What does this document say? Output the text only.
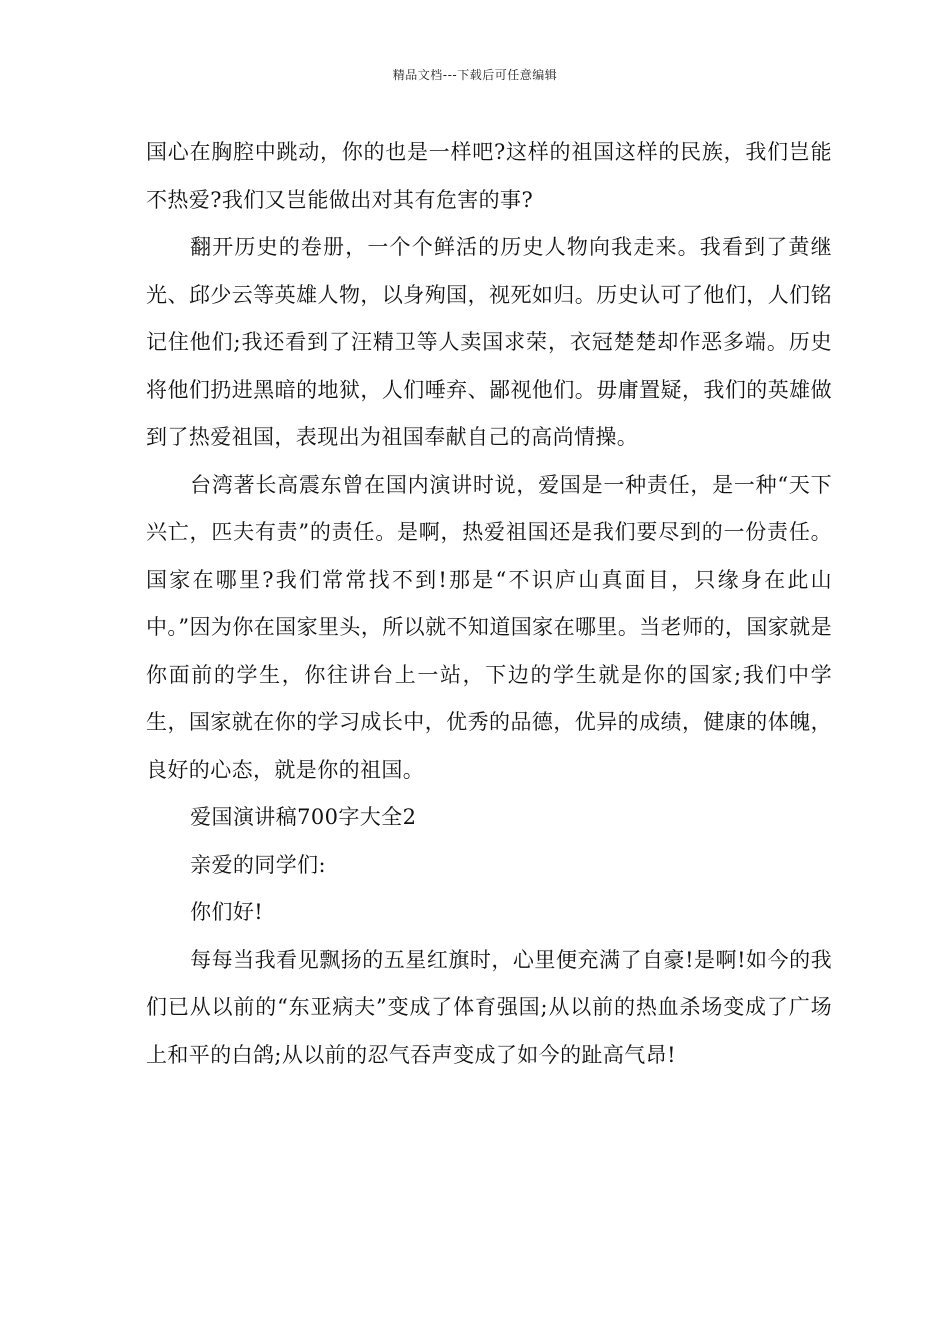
精品文档---下载后可任意编辑

国心在胸腔中跳动，你的也是一样吧?这样的祖国这样的民族，我们岂能不热爱?我们又岂能做出对其有危害的事?

翻开历史的卷册，一个个鲜活的历史人物向我走来。我看到了黄继光、邱少云等英雄人物，以身殉国，视死如归。历史认可了他们，人们铭记住他们;我还看到了汪精卫等人卖国求荣，衣冠楚楚却作恶多端。历史将他们扔进黑暗的地狱，人们唾弃、鄙视他们。毋庸置疑，我们的英雄做到了热爱祖国，表现出为祖国奉献自己的高尚情操。

台湾著长高震东曾在国内演讲时说，爱国是一种责任，是一种“天下兴亡，匹夫有责”的责任。是啊，热爱祖国还是我们要尽到的一份责任。国家在哪里?我们常常找不到!那是“不识庐山真面目，只缘身在此山中。”因为你在国家里头，所以就不知道国家在哪里。当老师的，国家就是你面前的学生，你往讲台上一站，下边的学生就是你的国家;我们中学生，国家就在你的学习成长中，优秀的品德，优异的成绩，健康的体魄，良好的心态，就是你的祖国。

爱国演讲稿700字大全2

亲爱的同学们:

你们好!

每每当我看见飘扬的五星红旗时，心里便充满了自豪!是啊!如今的我们已从以前的“东亚病夫”变成了体育强国;从以前的热血杀场变成了广场上和平的白鸽;从以前的忍气吞声变成了如今的趾高气昂!
